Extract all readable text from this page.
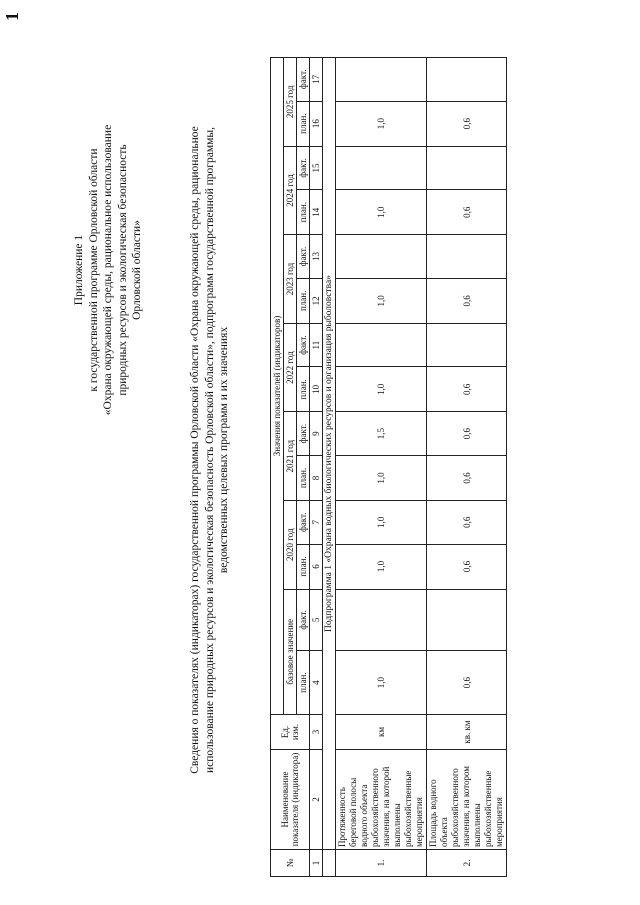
1
Приложение 1 к государственной программе Орловской области «Охрана окружающей среды, рациональное использование природных ресурсов и экологическая безопасность Орловской области»	Сведения о показателях (индикаторах) государственной программы Орловской области «Охрана окружающей среды, рациональное использование природных ресурсов и экологическая безопасность Орловской области», подпрограмм государственной программы, ведомственных целевых программ и их значениях
№	Наименование показателя (индикатора)	Ед. изм.	Значения показателей (индикаторов)													
			базовое значение		2020 год		2021 год		2022 год		2023 год		2024 год		2025 год	
			план.	факт.	план.	факт.	план.	факт.	план.	факт.	план.	факт.	план.	факт.	план.	факт.
1	2	3	4	5	6	7	8	9	10	11	12	13	14	15	16	17
	Подпрограмма 1 «Охрана водных биологических ресурсов и организация рыболовства»															
1.	Протяженность береговой полосы водного объекта рыбохозяйственного значения, на которой выполнены рыбохозяйственные мероприятия	км	1,0		1,0	1,0	1,0	1,5	1,0		1,0		1,0		1,0	
2.	Площадь водного объекта рыбохозяйственного значения, на котором выполнены рыбохозяйственные мероприятия	кв. км	0,6		0,6	0,6	0,6	0,6	0,6		0,6		0,6		0,6	
